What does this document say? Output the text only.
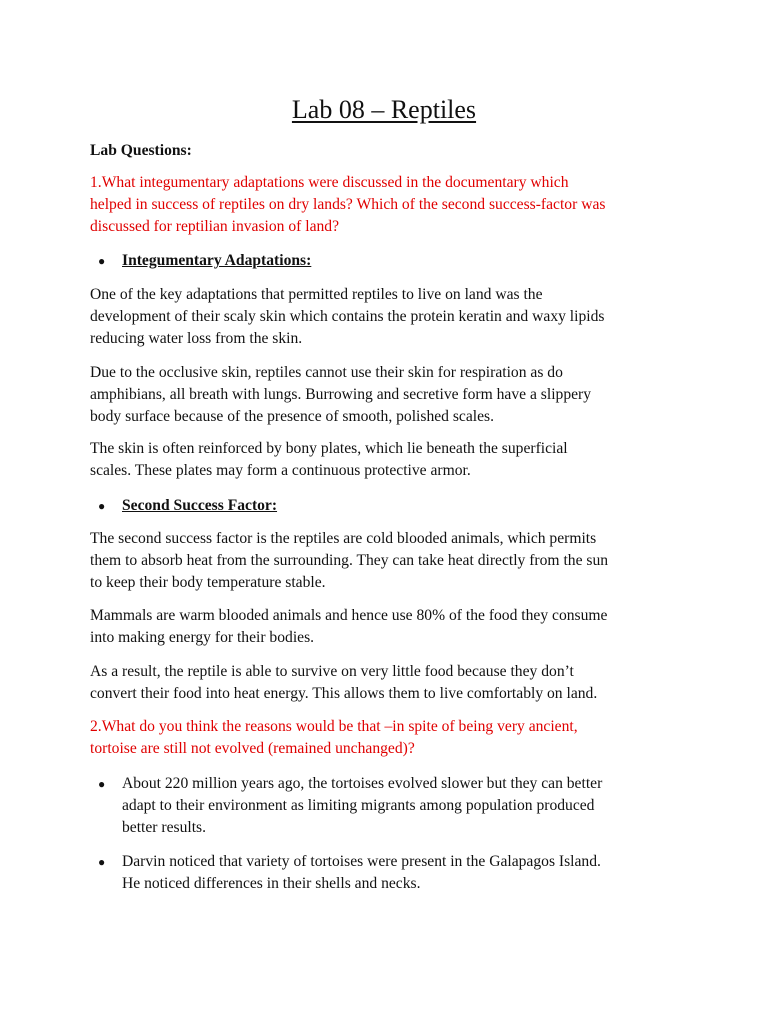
Lab 08 – Reptiles

Lab Questions:

1.What integumentary adaptations were discussed in the documentary which
helped in success of reptiles on dry lands? Which of the second success-factor was
discussed for reptilian invasion of land?
● Integumentary Adaptations:
One of the key adaptations that permitted reptiles to live on land was the
development of their scaly skin which contains the protein keratin and waxy lipids
reducing water loss from the skin.
Due to the occlusive skin, reptiles cannot use their skin for respiration as do
amphibians, all breath with lungs. Burrowing and secretive form have a slippery
body surface because of the presence of smooth, polished scales.
The skin is often reinforced by bony plates, which lie beneath the superficial
scales. These plates may form a continuous protective armor.
● Second Success Factor:
The second success factor is the reptiles are cold blooded animals, which permits
them to absorb heat from the surrounding. They can take heat directly from the sun
to keep their body temperature stable.
Mammals are warm blooded animals and hence use 80% of the food they consume
into making energy for their bodies.
As a result, the reptile is able to survive on very little food because they don’t
convert their food into heat energy. This allows them to live comfortably on land.
2.What do you think the reasons would be that –in spite of being very ancient,
tortoise are still not evolved (remained unchanged)?
● About 220 million years ago, the tortoises evolved slower but they can better
adapt to their environment as limiting migrants among population produced
better results.
● Darvin noticed that variety of tortoises were present in the Galapagos Island.
He noticed differences in their shells and necks.
